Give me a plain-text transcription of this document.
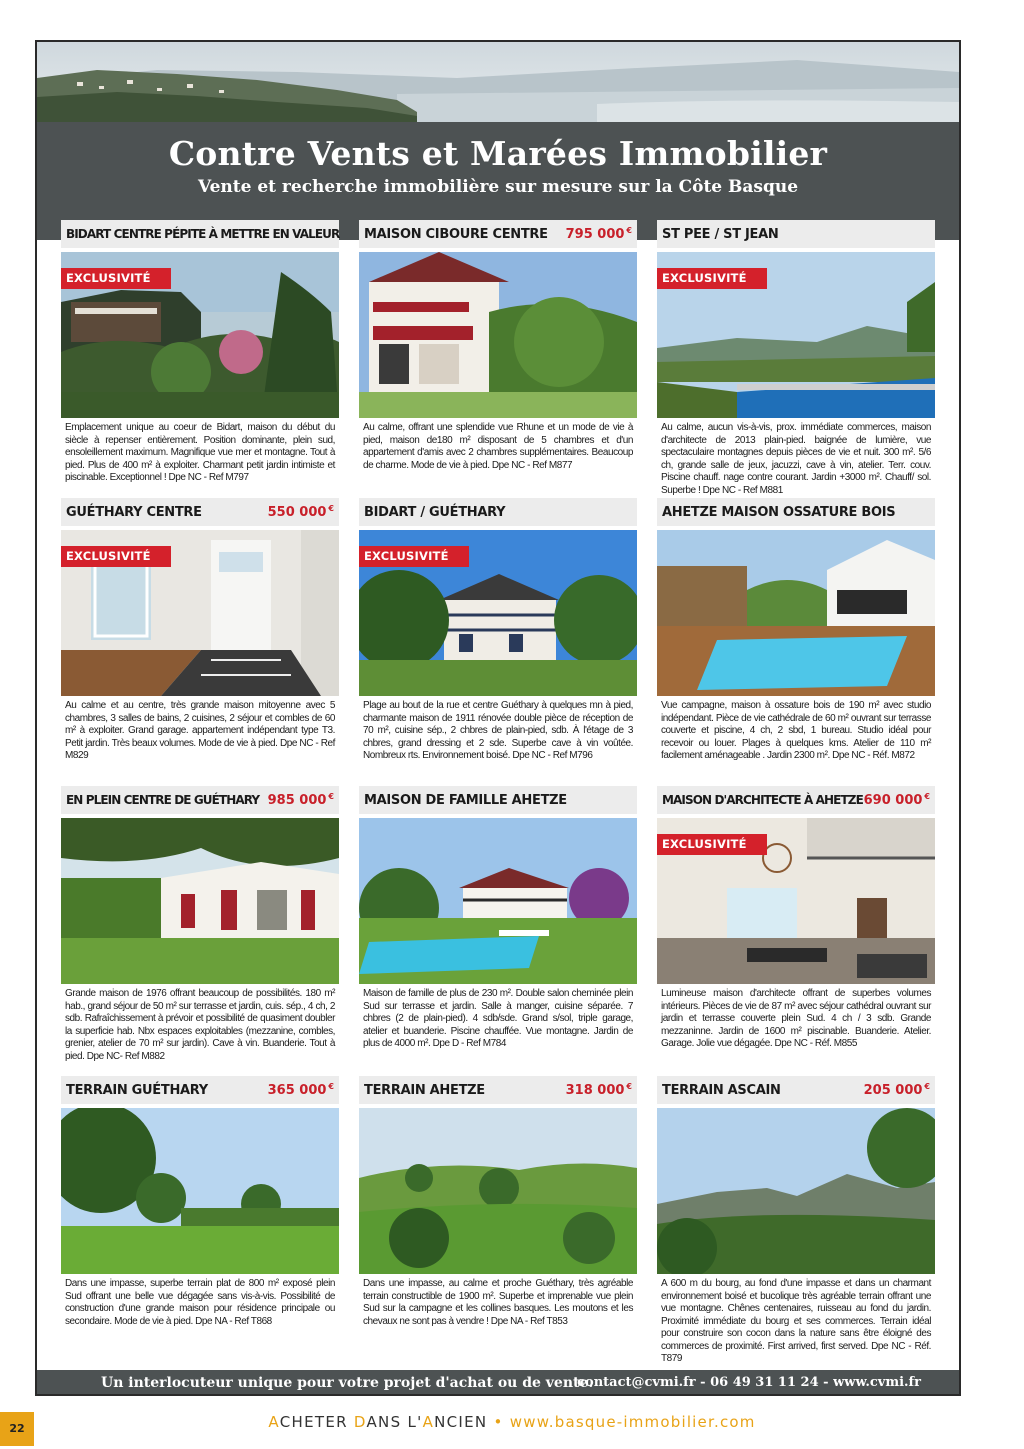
Contre Vents et Marées Immobilier
Vente et recherche immobilière sur mesure sur la Côte Basque
BIDART CENTRE PÉPITE À METTRE EN VALEUR
EXCLUSIVITÉ
Emplacement unique au coeur de Bidart, maison du début du siècle à repenser entièrement. Position dominante, plein sud, ensoleillement maximum. Magnifique vue mer et montagne. Tout à pied. Plus de 400 m² à exploiter. Charmant petit jardin intimiste et piscinable. Exceptionnel ! Dpe NC - Ref M797
MAISON CIBOURE CENTRE 795 000 €
Au calme, offrant une splendide vue Rhune et un mode de vie à pied, maison de180 m² disposant de 5 chambres et d'un appartement d'amis avec 2 chambres supplémentaires. Beaucoup de charme. Mode de vie à pied. Dpe NC - Ref M877
ST PEE / ST JEAN
EXCLUSIVITÉ
Au calme, aucun vis-à-vis, prox. immédiate commerces, maison d'architecte de 2013 plain-pied. baignée de lumière, vue spectaculaire montagnes depuis pièces de vie et nuit. 300 m². 5/6 ch, grande salle de jeux, jacuzzi, cave à vin, atelier. Terr. couv. Piscine chauff. nage contre courant. Jardin +3000 m². Chauff/ sol. Superbe ! Dpe NC - Ref M881
GUÉTHARY CENTRE	550 000 €
EXCLUSIVITÉ
Au calme et au centre, très grande maison mitoyenne avec 5 chambres, 3 salles de bains, 2 cuisines, 2 séjour et combles de 60 m² à exploiter. Grand garage. appartement indépendant type T3. Petit jardin. Très beaux volumes. Mode de vie à pied. Dpe NC - Ref M829
BIDART / GUÉTHARY
EXCLUSIVITÉ
Plage au bout de la rue et centre Guéthary à quelques mn à pied, charmante maison de 1911 rénovée double pièce de réception de 70 m², cuisine sép., 2 chbres de plain-pied, sdb. À l'étage de 3 chbres, grand dressing et 2 sde. Superbe cave à vin voûtée. Nombreux rts. Environnement boisé. Dpe NC - Ref M796
AHETZE MAISON OSSATURE BOIS
Vue campagne, maison à ossature bois de 190 m² avec studio indépendant. Pièce de vie cathédrale de 60 m² ouvrant sur terrasse couverte et piscine, 4 ch, 2 sbd, 1 bureau. Studio idéal pour recevoir ou louer. Plages à quelques kms. Atelier de 110 m² facilement aménageable . Jardin 2300 m². Dpe NC - Réf. M872
EN PLEIN CENTRE DE GUÉTHARY 985 000 €
Grande maison de 1976 offrant beaucoup de possibilités. 180 m² hab., grand séjour de 50 m² sur terrasse et jardin, cuis. sép., 4 ch, 2 sdb. Rafraîchissement à prévoir et possibilité de quasiment doubler la superficie hab. Nbx espaces exploitables (mezzanine, combles, grenier, atelier de 70 m² sur jardin). Cave à vin. Buanderie. Tout à pied. Dpe NC- Ref M882
MAISON DE FAMILLE AHETZE
Maison de famille de plus de 230 m². Double salon cheminée plein Sud sur terrasse et jardin. Salle à manger, cuisine séparée. 7 chbres (2 de plain-pied). 4 sdb/sde. Grand s/sol, triple garage, atelier et buanderie. Piscine chauffée. Vue montagne. Jardin de plus de 4000 m². Dpe D - Ref M784
MAISON D'ARCHITECTE À AHETZE 690 000 €
EXCLUSIVITÉ
Lumineuse maison d'architecte offrant de superbes volumes intérieurs. Pièces de vie de 87 m² avec séjour cathédral ouvrant sur jardin et terrasse couverte plein Sud. 4 ch / 3 sdb. Grande mezzaninne. Jardin de 1600 m² piscinable. Buanderie. Atelier. Garage. Jolie vue dégagée. Dpe NC - Réf. M855
TERRAIN GUÉTHARY	365 000 €
Dans une impasse, superbe terrain plat de 800 m² exposé plein Sud offrant une belle vue dégagée sans vis-à-vis. Possibilité de construction d'une grande maison pour résidence principale ou secondaire. Mode de vie à pied. Dpe NA - Ref T868
TERRAIN AHETZE	318 000 €
Dans une impasse, au calme et proche Guéthary, très agréable terrain constructible de 1900 m². Superbe et imprenable vue plein Sud sur la campagne et les collines basques. Les moutons et les chevaux ne sont pas à vendre ! Dpe NA - Ref T853
TERRAIN ASCAIN	205 000 €
A 600 m du bourg, au fond d'une impasse et dans un charmant environnement boisé et bucolique très agréable terrain offrant une vue montagne. Chênes centenaires, ruisseau au fond du jardin. Proximité immédiate du bourg et ses commerces. Terrain idéal pour construire son cocon dans la nature sans être éloigné des commerces de proximité. First arrived, first served. Dpe NC - Réf. T879
Un interlocuteur unique pour votre projet d'achat ou de vente.
contact@cvmi.fr - 06 49 31 11 24 - www.cvmi.fr
22	ACHETER DANS L'ANCIEN • www.basque-immobilier.com
